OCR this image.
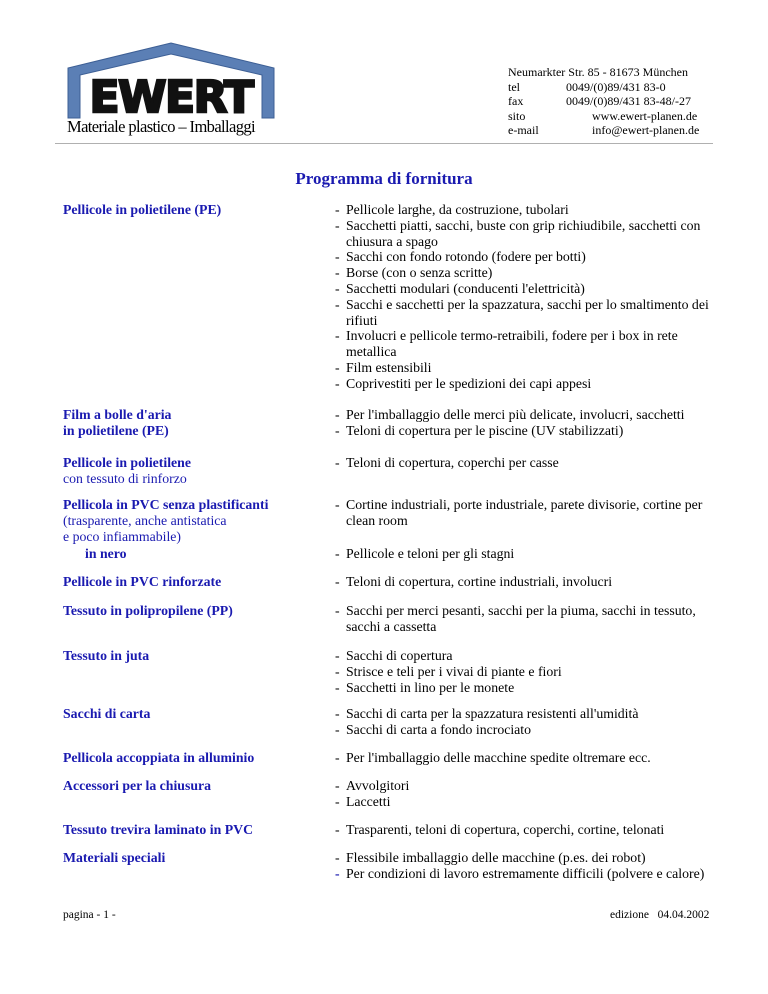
EWERT
Materiale plastico – Imballaggi
Neumarkter Str. 85 - 81673 München
tel	0049/(0)89/431 83-0
fax	0049/(0)89/431 83-48/-27
sito	www.ewert-planen.de
e-mail	info@ewert-planen.de
Programma di fornitura
Pellicole in polietilene (PE)	- Pellicole larghe, da costruzione, tubolari
- Sacchetti piatti, sacchi, buste con grip richiudibile, sacchetti con chiusura a spago
- Sacchi con fondo rotondo (fodere per botti)
- Borse (con o senza scritte)
- Sacchetti modulari (conducenti l'elettricità)
- Sacchi e sacchetti per la spazzatura, sacchi per lo smaltimento dei rifiuti
- Involucri e pellicole termo-retraibili, fodere per i box in rete metallica
- Film estensibili
- Coprivestiti per le spedizioni dei capi appesi
Film a bolle d'aria
in polietilene (PE)
- Per l'imballaggio delle merci più delicate, involucri, sacchetti
- Teloni di copertura per le piscine (UV stabilizzati)
Pellicole in polietilene
con tessuto di rinforzo
- Teloni di copertura, coperchi per casse
Pellicola in PVC senza plastificanti
(trasparente, anche antistatica
e poco infiammabile)
- Cortine industriali, porte industriale, parete divisorie, cortine per clean room
in nero	- Pellicole e teloni per gli stagni
Pellicole in PVC rinforzate	- Teloni di copertura, cortine industriali, involucri
Tessuto in polipropilene (PP)	- Sacchi per merci pesanti, sacchi per la piuma, sacchi in tessuto, sacchi a cassetta
Tessuto in juta	- Sacchi di copertura
- Strisce e teli per i vivai di piante e fiori
- Sacchetti in lino per le monete
Sacchi di carta	- Sacchi di carta per la spazzatura resistenti all'umidità
- Sacchi di carta a fondo incrociato
Pellicola accoppiata in alluminio	- Per l'imballaggio delle macchine spedite oltremare ecc.
Accessori per la chiusura	- Avvolgitori
- Laccetti
Tessuto trevira laminato in PVC	- Trasparenti, teloni di copertura, coperchi, cortine, telonati
Materiali speciali	- Flessibile imballaggio delle macchine (p.es. dei robot)
- Per condizioni di lavoro estremamente difficili (polvere e calore)
pagina - 1 -	edizione 04.04.2002
